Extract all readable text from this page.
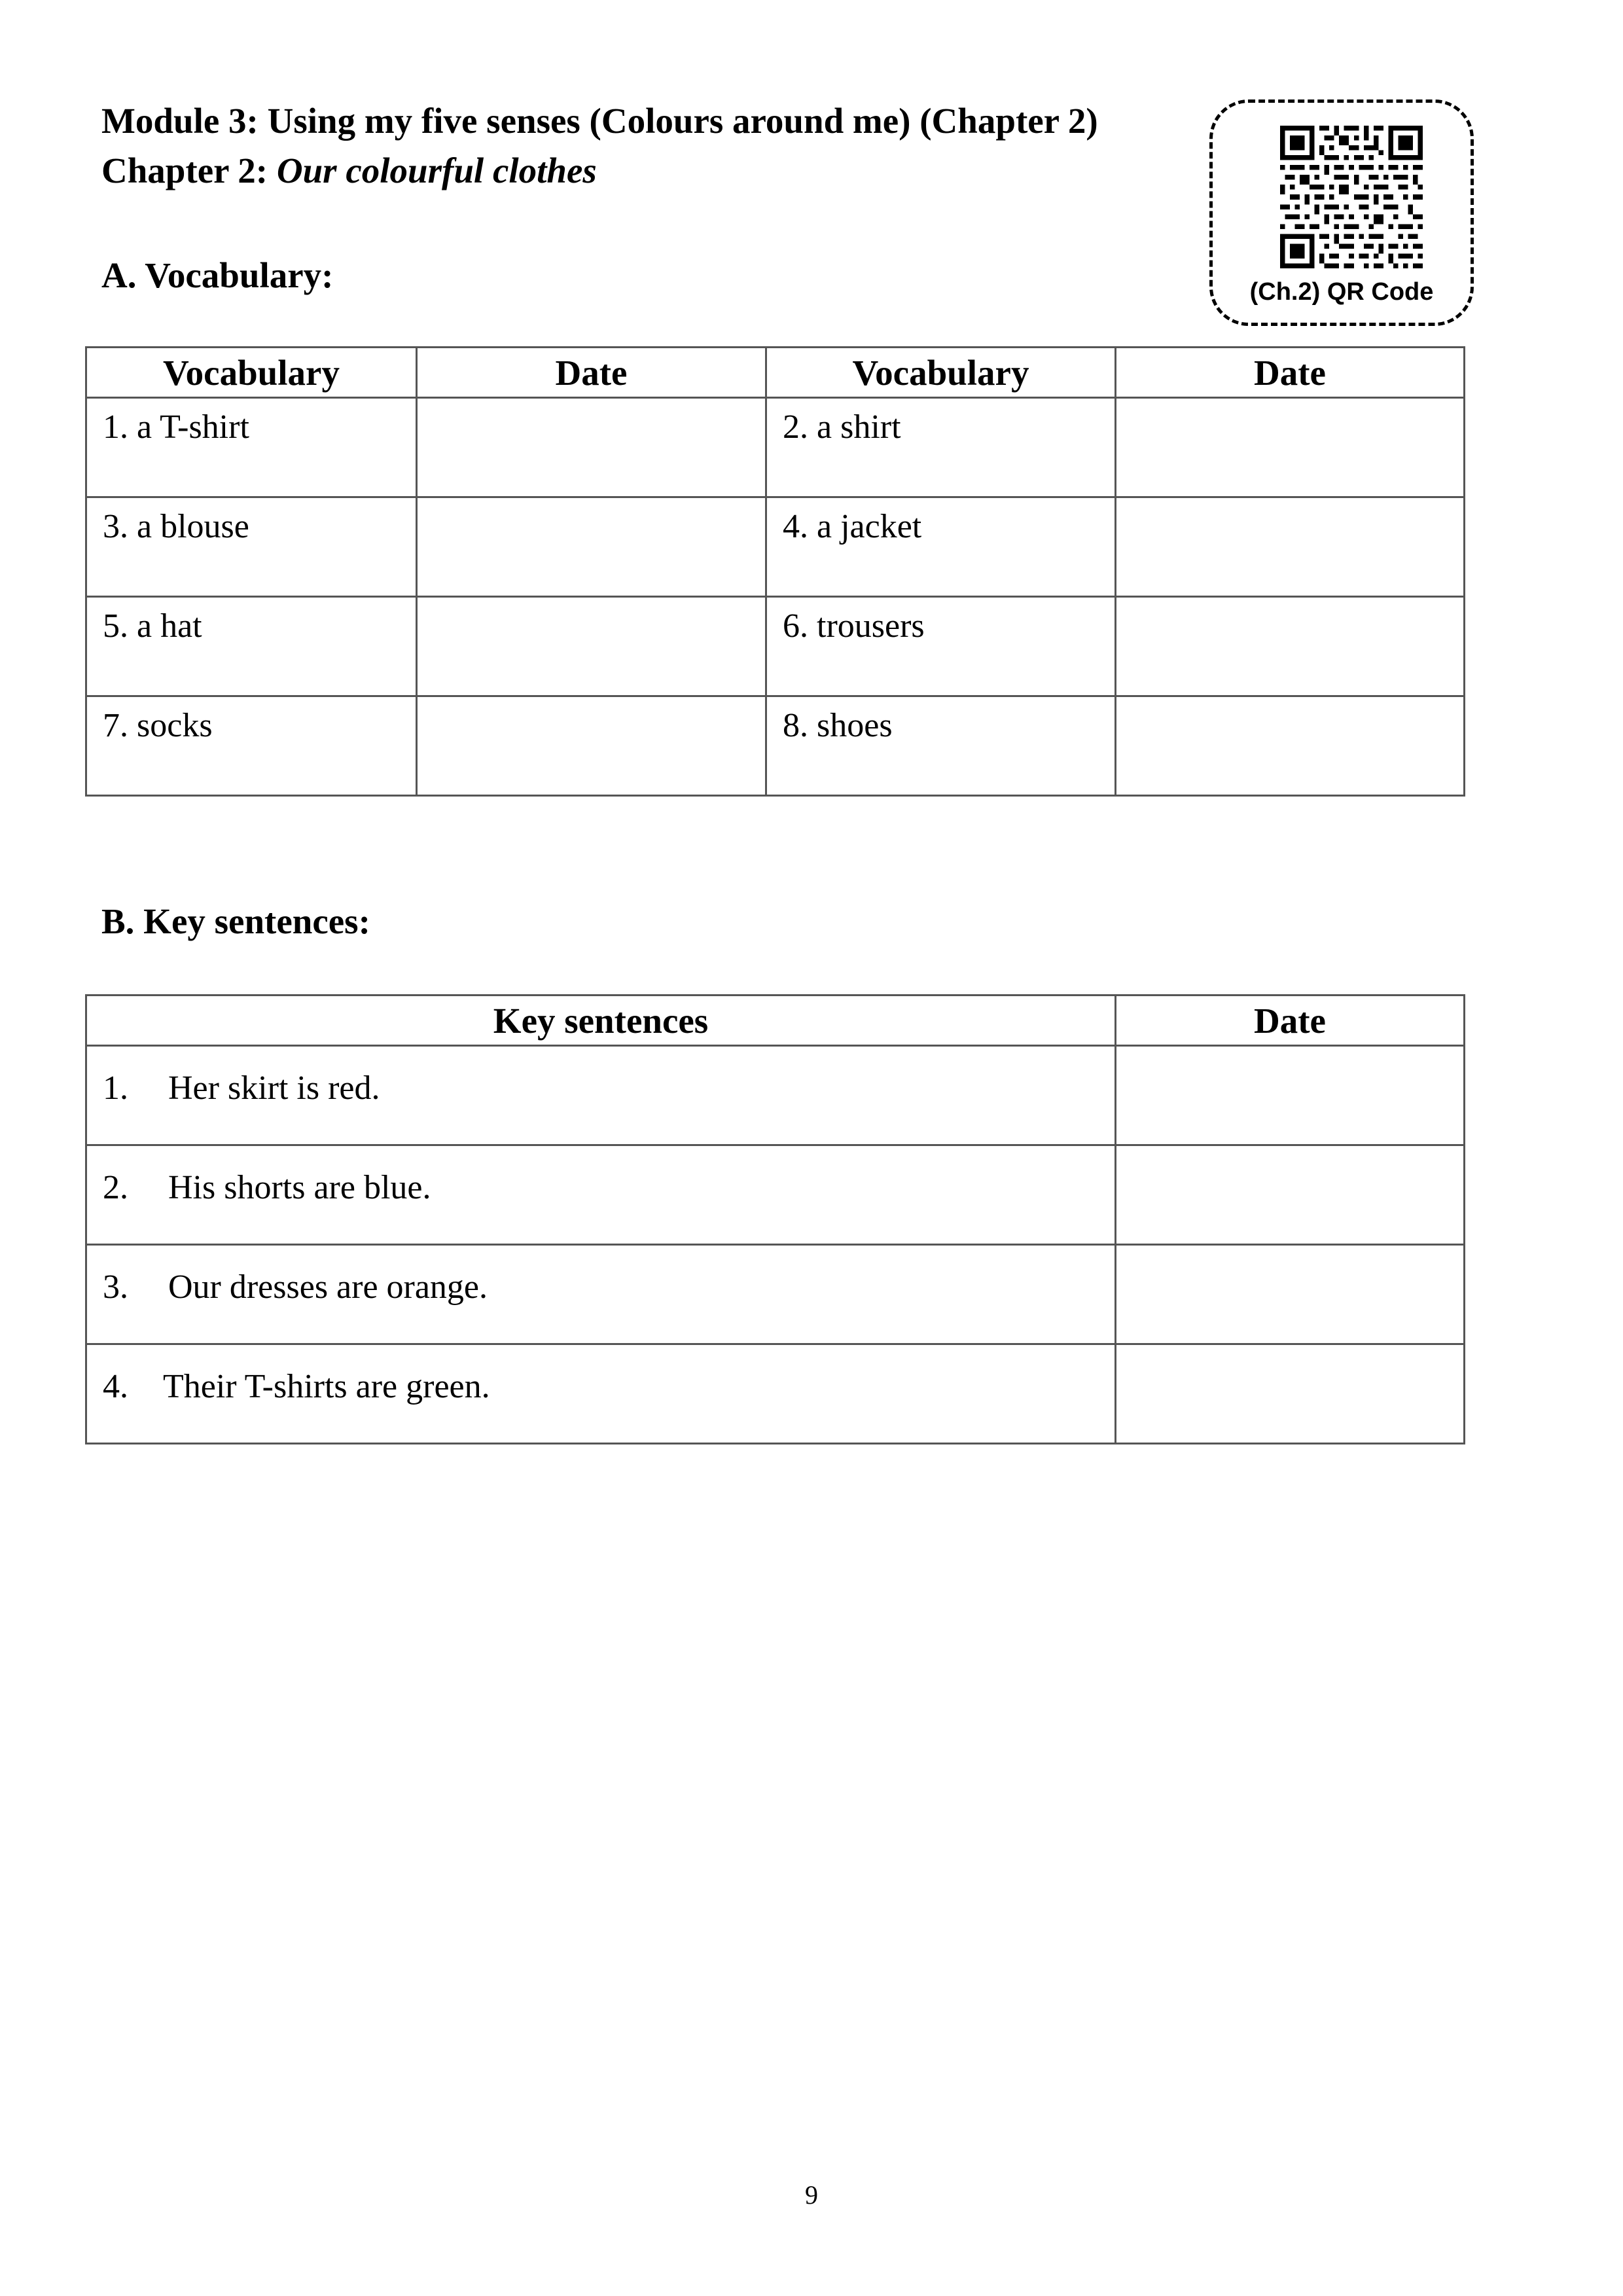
Module 3: Using my five senses (Colours around me) (Chapter 2)
Chapter 2: Our colourful clothes
(Ch.2) QR Code
A. Vocabulary:
Vocabulary	Date	Vocabulary	Date

1. a T-shirt		2. a shirt	

3. a blouse		4. a jacket	

5. a hat		6. trousers	

7. socks		8. shoes	

B. Key sentences:
Key sentences	Date

1. Her skirt is red.	

2. His shorts are blue.	

3. Our dresses are orange.	

4. Their T-shirts are green.	

9
